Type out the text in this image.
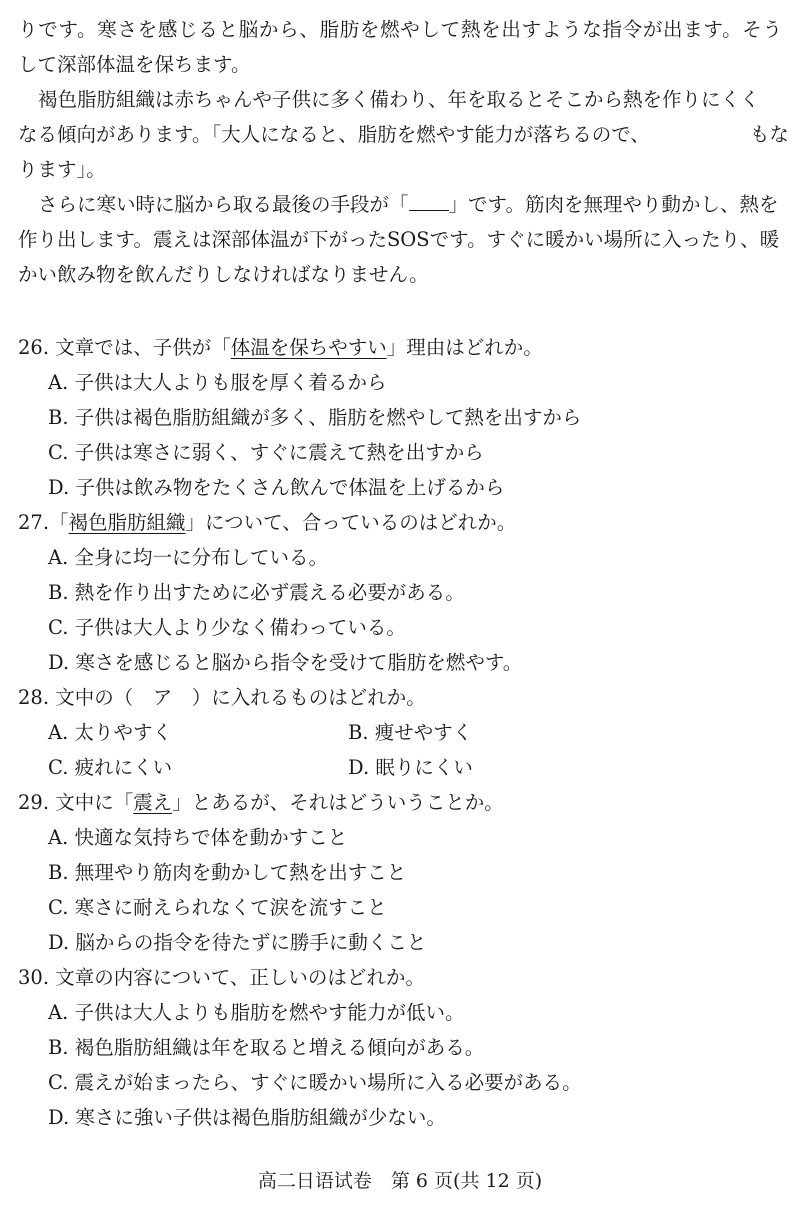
りです。寒さを感じると脳から、脂肪を燃やして熱を出すような指令が出ます。そう
して深部体温を保ちます。
褐色脂肪組織は赤ちゃんや子供に多く備わり、年を取るとそこから熱を作りにくく
なる傾向があります。「大人になると、脂肪を燃やす能力が落ちるので、	もな
ります」。
さらに寒い時に脳から取る最後の手段が「 」です。筋肉を無理やり動かし、熱を
作り出します。震えは深部体温が下がったSOSです。すぐに暖かい場所に入ったり、暖
かい飲み物を飲んだりしなければなりません。
26. 文章では、子供が「体温を保ちやすい」理由はどれか。
A. 子供は大人よりも服を厚く着るから
B. 子供は褐色脂肪組織が多く、脂肪を燃やして熱を出すから
C. 子供は寒さに弱く、すぐに震えて熱を出すから
D. 子供は飲み物をたくさん飲んで体温を上げるから
27.「褐色脂肪組織」について、合っているのはどれか。
A. 全身に均一に分布している。
B. 熱を作り出すために必ず震える必要がある。
C. 子供は大人より少なく備わっている。
D. 寒さを感じると脳から指令を受けて脂肪を燃やす。
28. 文中の（　ア　）に入れるものはどれか。
A. 太りやすく	B. 痩せやすく
C. 疲れにくい	D. 眠りにくい
29. 文中に「震え」とあるが、それはどういうことか。
A. 快適な気持ちで体を動かすこと
B. 無理やり筋肉を動かして熱を出すこと
C. 寒さに耐えられなくて涙を流すこと
D. 脳からの指令を待たずに勝手に動くこと
30. 文章の内容について、正しいのはどれか。
A. 子供は大人よりも脂肪を燃やす能力が低い。
B. 褐色脂肪組織は年を取ると増える傾向がある。
C. 震えが始まったら、すぐに暖かい場所に入る必要がある。
D. 寒さに強い子供は褐色脂肪組織が少ない。
高二日语试卷　第 6 页(共 12 页)
